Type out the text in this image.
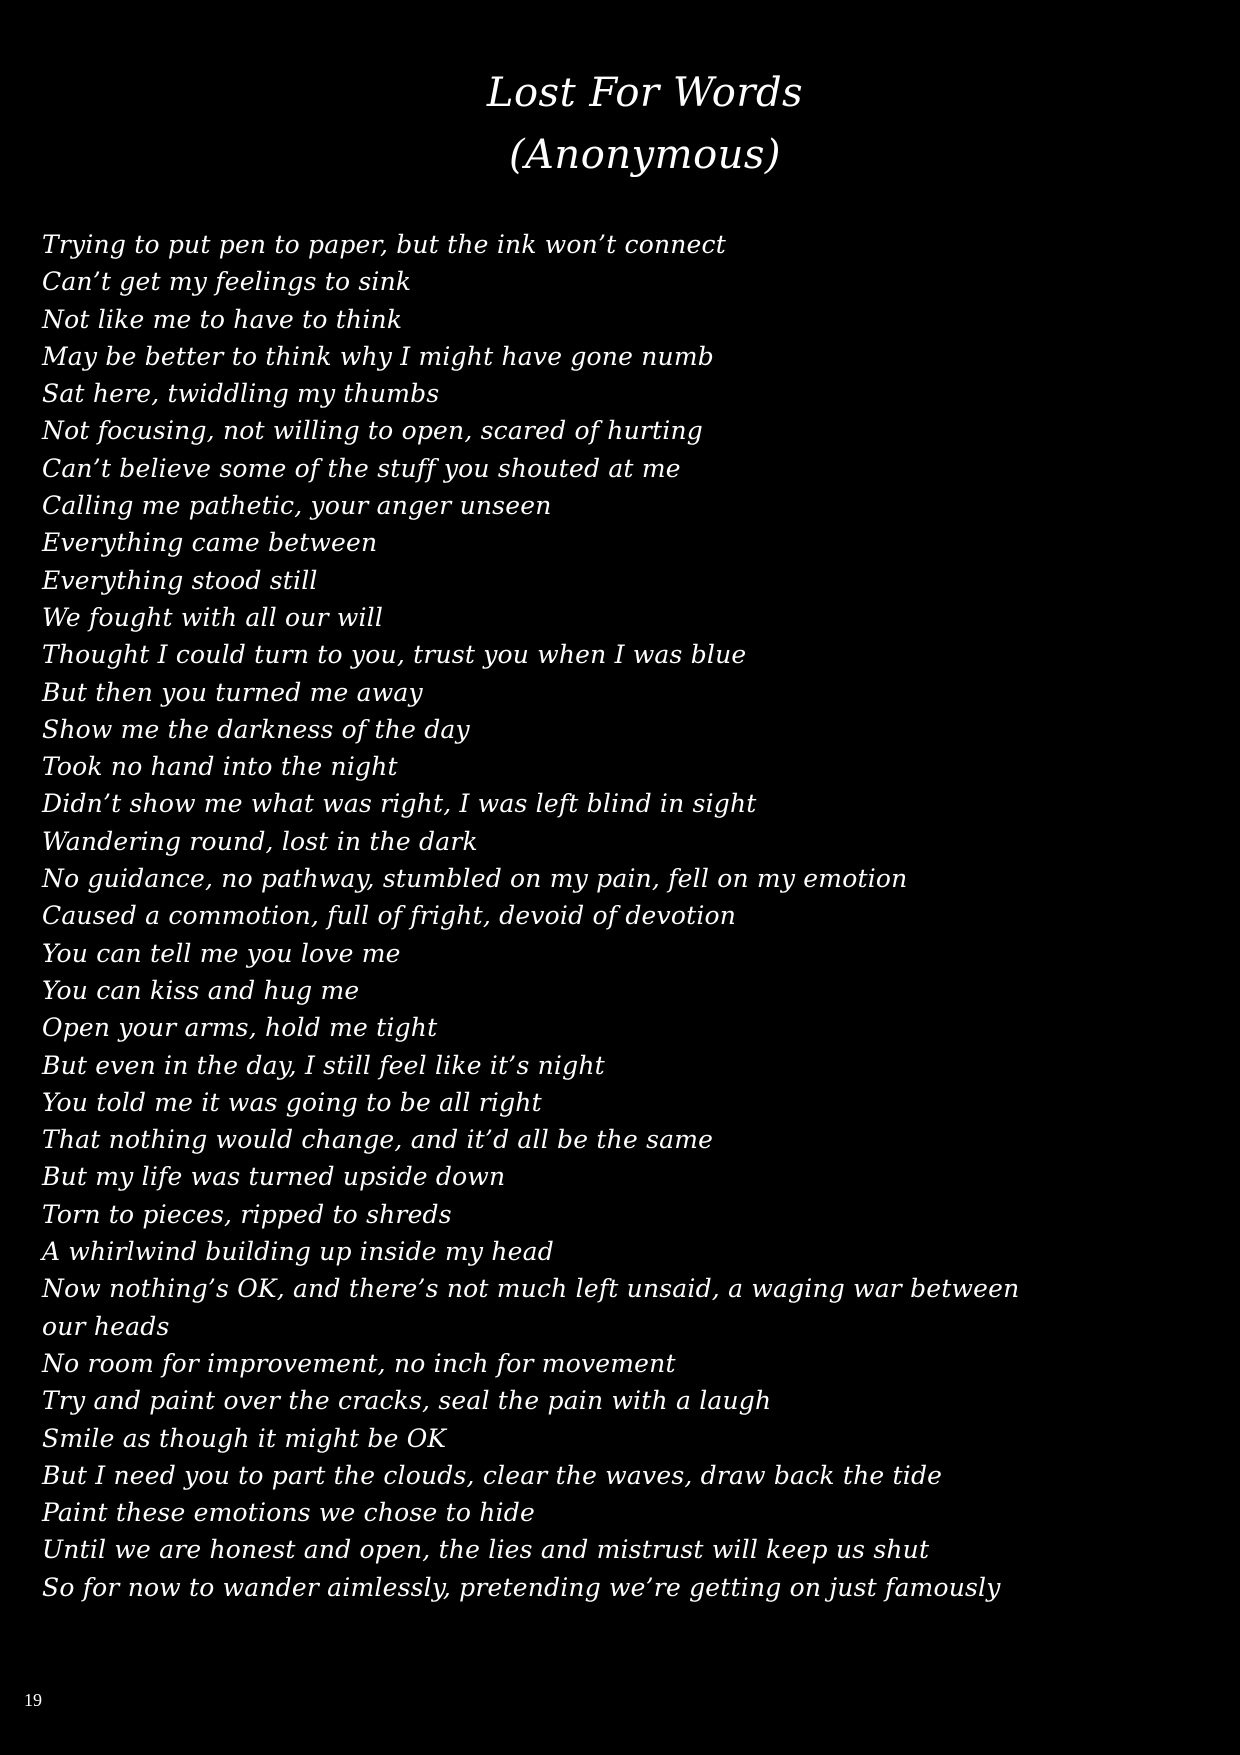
Lost For Words
(Anonymous)
Trying to put pen to paper, but the ink won’t connect
Can’t get my feelings to sink
Not like me to have to think
May be better to think why I might have gone numb
Sat here, twiddling my thumbs
Not focusing, not willing to open, scared of hurting
Can’t believe some of the stuff you shouted at me
Calling me pathetic, your anger unseen
Everything came between
Everything stood still
We fought with all our will
Thought I could turn to you, trust you when I was blue
But then you turned me away
Show me the darkness of the day
Took no hand into the night
Didn’t show me what was right, I was left blind in sight
Wandering round, lost in the dark
No guidance, no pathway, stumbled on my pain, fell on my emotion
Caused a commotion, full of fright, devoid of devotion
You can tell me you love me
You can kiss and hug me
Open your arms, hold me tight
But even in the day, I still feel like it’s night
You told me it was going to be all right
That nothing would change, and it’d all be the same
But my life was turned upside down
Torn to pieces, ripped to shreds
A whirlwind building up inside my head
Now nothing’s OK, and there’s not much left unsaid, a waging war between
our heads
No room for improvement, no inch for movement
Try and paint over the cracks, seal the pain with a laugh
Smile as though it might be OK
But I need you to part the clouds, clear the waves, draw back the tide
Paint these emotions we chose to hide
Until we are honest and open, the lies and mistrust will keep us shut
So for now to wander aimlessly, pretending we’re getting on just famously
19
